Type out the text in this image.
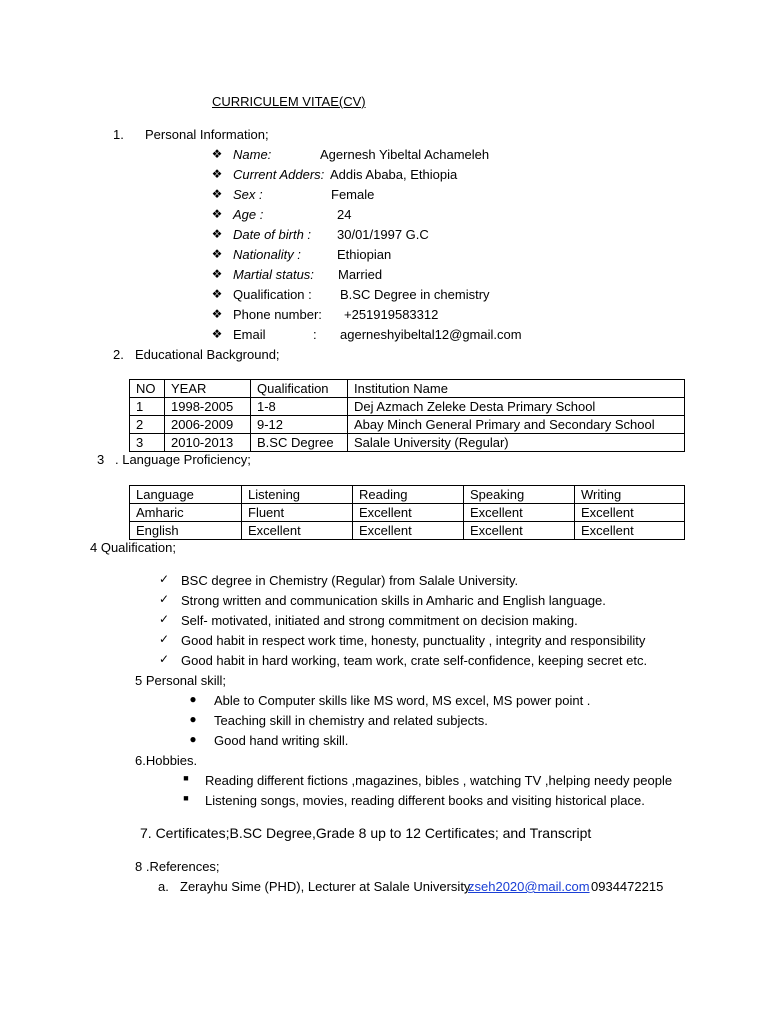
CURRICULEM VITAE(CV)
1. Personal Information;
❖ Name:	Agernesh Yibeltal Achameleh
❖ Current Adders: Addis Ababa, Ethiopia
❖ Sex :	Female
❖ Age :	24
❖ Date of birth : 30/01/1997 G.C
❖ Nationality :	Ethiopian
❖ Martial status: Married
❖ Qualification : B.SC Degree in chemistry
❖ Phone number: +251919583312
❖ Email	: agerneshyibeltal12@gmail.com
2. Educational Background;
NO	YEAR	Qualification	Institution Name
1	1998-2005	1-8	Dej Azmach Zeleke Desta Primary School
2	2006-2009	9-12	Abay Minch General Primary and Secondary School
3	2010-2013	B.SC Degree	Salale University (Regular)
3 . Language Proficiency;
Language	Listening	Reading	Speaking	Writing
Amharic	Fluent	Excellent	Excellent	Excellent
English	Excellent	Excellent	Excellent	Excellent
4 Qualification;
✓ BSC degree in Chemistry (Regular) from Salale University.
✓ Strong written and communication skills in Amharic and English language.
✓ Self- motivated, initiated and strong commitment on decision making.
✓ Good habit in respect work time, honesty, punctuality , integrity and responsibility
✓ Good habit in hard working, team work, crate self-confidence, keeping secret etc.
5 Personal skill;
● Able to Computer skills like MS word, MS excel, MS power point .
● Teaching skill in chemistry and related subjects.
● Good hand writing skill.
6.Hobbies.
■	Reading different fictions ,magazines, bibles , watching TV ,helping needy people
■	Listening songs, movies, reading different books and visiting historical place.
7. Certificates;B.SC Degree,Grade 8 up to 12 Certificates; and Transcript
8 .References;
a. Zerayhu Sime (PHD), Lecturer at Salale University
zseh2020@mail.com 0934472215
